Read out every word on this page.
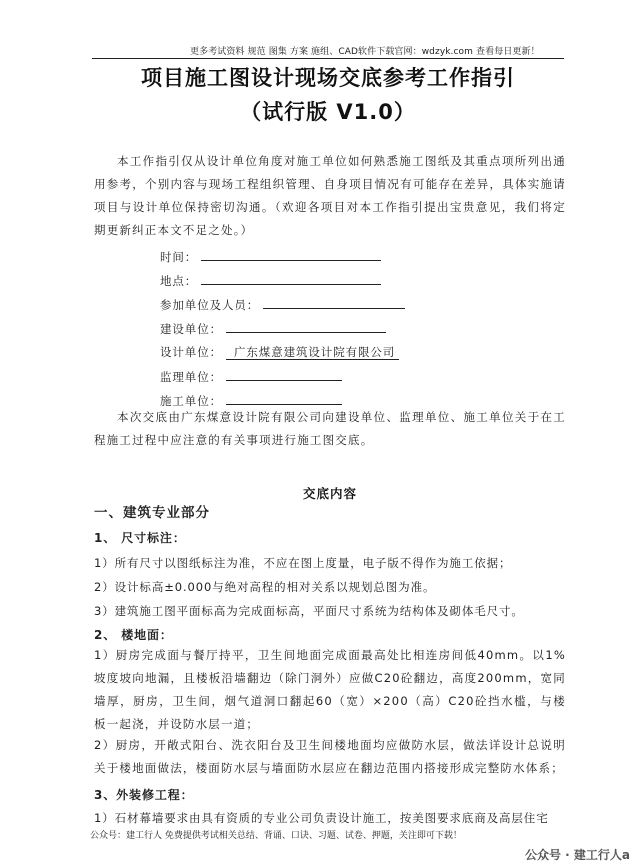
更多考试资料 规范 图集 方案 施组、CAD软件下载官网：wdzyk.com 查看每日更新！
项目施工图设计现场交底参考工作指引
（试行版 V1.0）
本工作指引仅从设计单位角度对施工单位如何熟悉施工图纸及其重点项所列出通用参考，个别内容与现场工程组织管理、自身项目情况有可能存在差异，具体实施请项目与设计单位保持密切沟通。（欢迎各项目对本工作指引提出宝贵意见，我们将定期更新纠正本文不足之处。）
时间：
地点：
参加单位及人员：
建设单位：
设计单位： 广东煤意建筑设计院有限公司
监理单位：
施工单位：
本次交底由广东煤意设计院有限公司向建设单位、监理单位、施工单位关于在工程施工过程中应注意的有关事项进行施工图交底。
交底内容
一、建筑专业部分
1、 尺寸标注：
1）所有尺寸以图纸标注为准，不应在图上度量，电子版不得作为施工依据；
2）设计标高±0.000与绝对高程的相对关系以规划总图为准。
3）建筑施工图平面标高为完成面标高，平面尺寸系统为结构体及砌体毛尺寸。
2、 楼地面：
1）厨房完成面与餐厅持平，卫生间地面完成面最高处比相连房间低40mm。以1%坡度坡向地漏，且楼板沿墙翻边（除门洞外）应做C20砼翻边，高度200mm，宽同墙厚，厨房，卫生间，烟气道洞口翻起60（宽）×200（高）C20砼挡水槛，与楼板一起浇，并设防水层一道；
2）厨房，开敞式阳台、洗衣阳台及卫生间楼地面均应做防水层，做法详设计总说明关于楼地面做法，楼面防水层与墙面防水层应在翻边范围内搭接形成完整防水体系；
3、外装修工程：
1）石材幕墙要求由具有资质的专业公司负责设计施工，按美图要求底商及高层住宅
公众号：建工行人 免费提供考试相关总结、背诵、口诀、习题、试卷、押题，关注即可下载！
公众号 · 建工行人a
